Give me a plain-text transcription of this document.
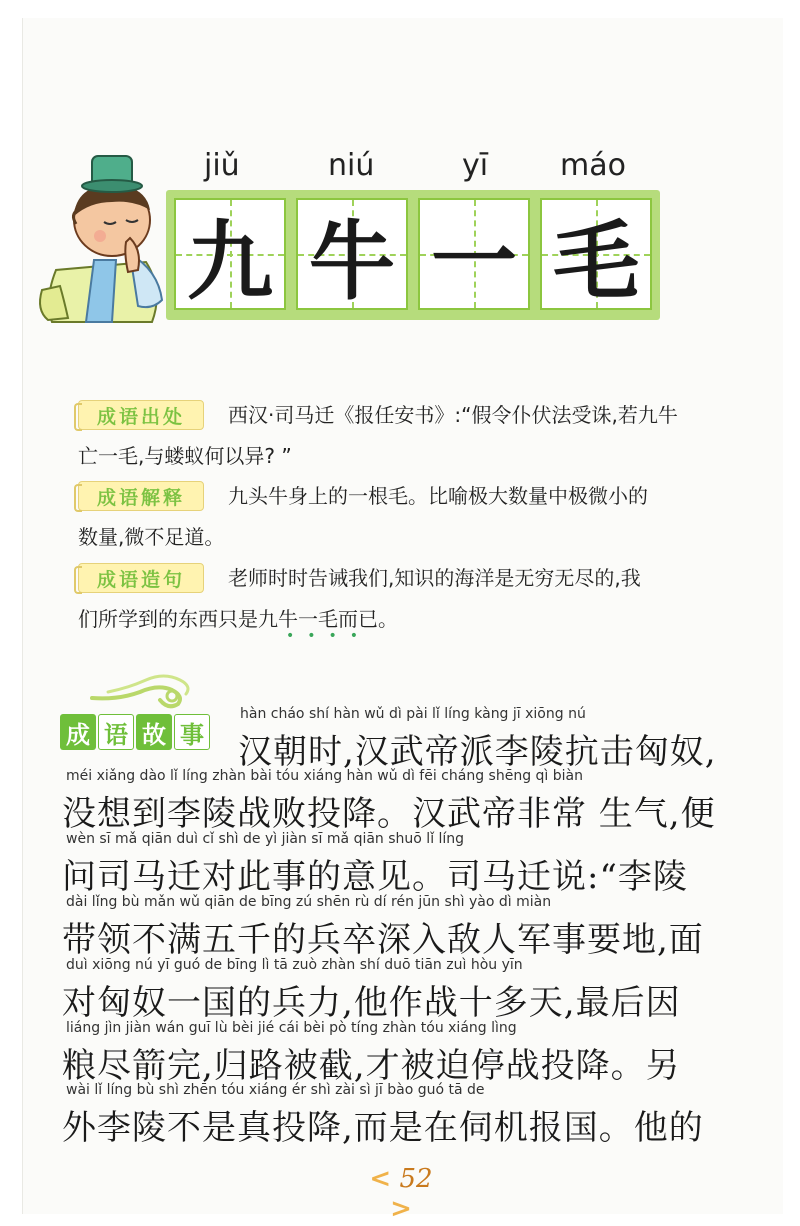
jiǔ	niú	yī máo
九 牛 一 毛
成语出处	西汉·司马迁《报任安书》:“假令仆伏法受诛,若九牛
亡一毛,与蝼蚁何以异? ”
成语解释	九头牛身上的一根毛。比喻极大数量中极微小的
数量,微不足道。
成语造句	老师时时告诫我们,知识的海洋是无穷无尽的,我
们所学到的东西只是九牛一毛而已。
••••
成 语 故 事
hàn cháo shí hàn wǔ dì pài lǐ líng kàng jī xiōng nú
汉朝时,汉武帝派李陵抗击匈奴,
méi xiǎng dào lǐ líng zhàn bài tóu xiáng hàn wǔ dì fēi cháng shēng qì biàn
没想到李陵战败投降。汉武帝非常 生气,便
wèn sī mǎ qiān duì cǐ shì de yì jiàn sī mǎ qiān shuō lǐ líng
问司马迁对此事的意见。司马迁说:“李陵
dài lǐng bù mǎn wǔ qiān de bīng zú shēn rù dí rén jūn shì yào dì miàn
带领不满五千的兵卒深入敌人军事要地,面
duì xiōng nú yī guó de bīng lì tā zuò zhàn shí duō tiān zuì hòu yīn
对匈奴一国的兵力,他作战十多天,最后因
liáng jìn jiàn wán guī lù bèi jié cái bèi pò tíng zhàn tóu xiáng lìng
粮尽箭完,归路被截,才被迫停战投降。另
wài lǐ líng bù shì zhēn tóu xiáng ér shì zài sì jī bào guó tā de
外李陵不是真投降,而是在伺机报国。他的
< 52 >
